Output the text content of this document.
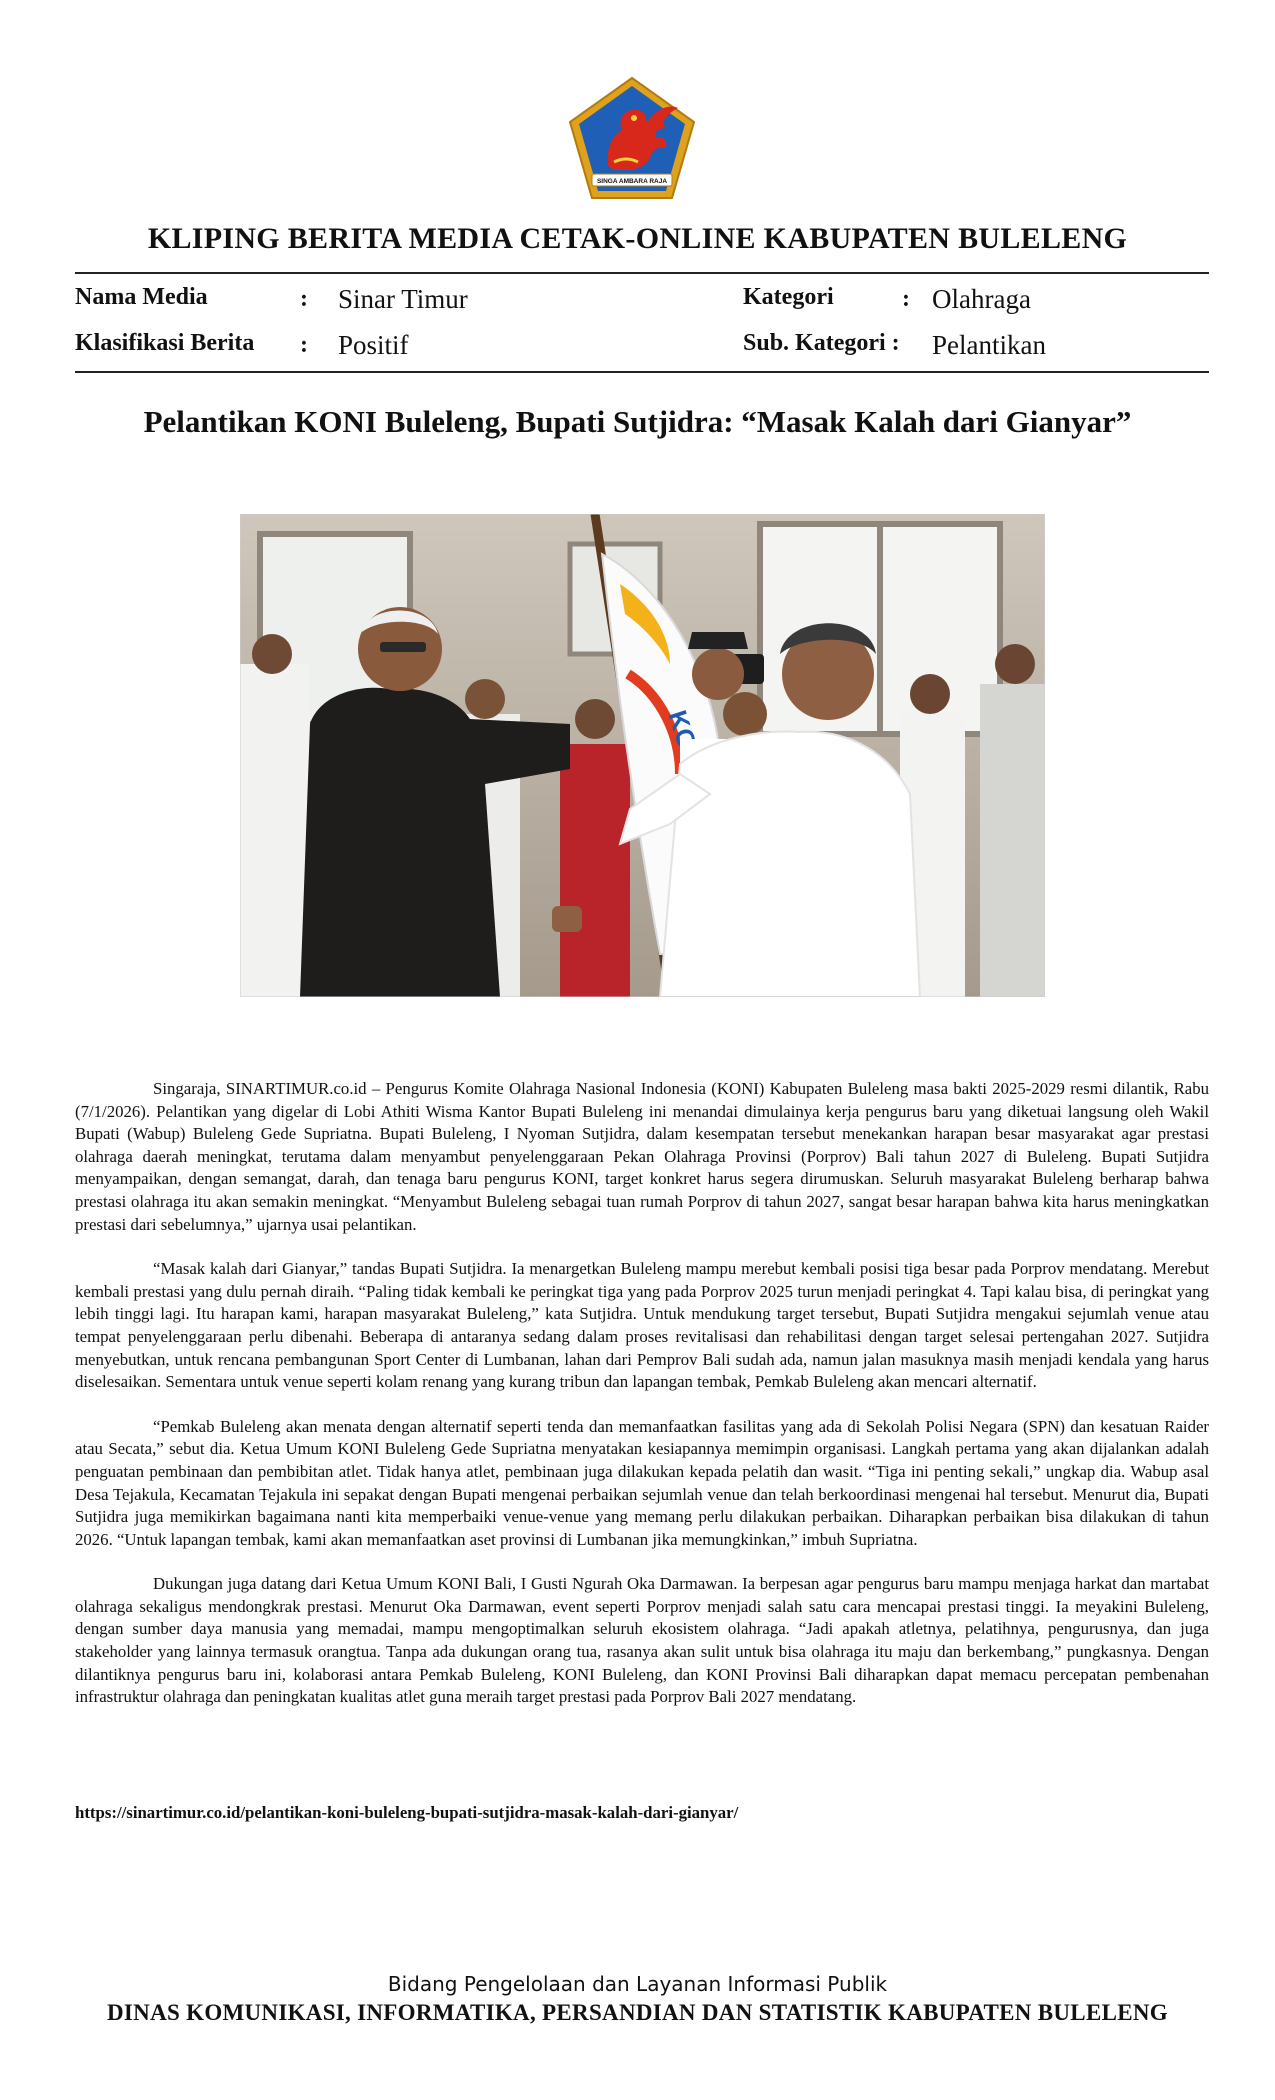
SINGA AMBARA RAJA
KLIPING BERITA MEDIA CETAK-ONLINE KABUPATEN BULELENG
Nama Media	: Sinar Timur	Kategori	: Olahraga
Klasifikasi Berita : Positif	Sub. Kategori : Pelantikan
Pelantikan KONI Buleleng, Bupati Sutjidra: “Masak Kalah dari Gianyar”

Singaraja, SINARTIMUR.co.id – Pengurus Komite Olahraga Nasional Indonesia (KONI) Kabupaten Buleleng masa bakti 2025-2029 resmi dilantik, Rabu (7/1/2026). Pelantikan yang digelar di Lobi Athiti Wisma Kantor Bupati Buleleng ini menandai dimulainya kerja pengurus baru yang diketuai langsung oleh Wakil Bupati (Wabup) Buleleng Gede Supriatna. Bupati Buleleng, I Nyoman Sutjidra, dalam kesempatan tersebut menekankan harapan besar masyarakat agar prestasi olahraga daerah meningkat, terutama dalam menyambut penyelenggaraan Pekan Olahraga Provinsi (Porprov) Bali tahun 2027 di Buleleng. Bupati Sutjidra menyampaikan, dengan semangat, darah, dan tenaga baru pengurus KONI, target konkret harus segera dirumuskan. Seluruh masyarakat Buleleng berharap bahwa prestasi olahraga itu akan semakin meningkat. “Menyambut Buleleng sebagai tuan rumah Porprov di tahun 2027, sangat besar harapan bahwa kita harus meningkatkan prestasi dari sebelumnya,” ujarnya usai pelantikan.

“Masak kalah dari Gianyar,” tandas Bupati Sutjidra. Ia menargetkan Buleleng mampu merebut kembali posisi tiga besar pada Porprov mendatang. Merebut kembali prestasi yang dulu pernah diraih. “Paling tidak kembali ke peringkat tiga yang pada Porprov 2025 turun menjadi peringkat 4. Tapi kalau bisa, di peringkat yang lebih tinggi lagi. Itu harapan kami, harapan masyarakat Buleleng,” kata Sutjidra. Untuk mendukung target tersebut, Bupati Sutjidra mengakui sejumlah venue atau tempat penyelenggaraan perlu dibenahi. Beberapa di antaranya sedang dalam proses revitalisasi dan rehabilitasi dengan target selesai pertengahan 2027. Sutjidra menyebutkan, untuk rencana pembangunan Sport Center di Lumbanan, lahan dari Pemprov Bali sudah ada, namun jalan masuknya masih menjadi kendala yang harus diselesaikan. Sementara untuk venue seperti kolam renang yang kurang tribun dan lapangan tembak, Pemkab Buleleng akan mencari alternatif.

“Pemkab Buleleng akan menata dengan alternatif seperti tenda dan memanfaatkan fasilitas yang ada di Sekolah Polisi Negara (SPN) dan kesatuan Raider atau Secata,” sebut dia. Ketua Umum KONI Buleleng Gede Supriatna menyatakan kesiapannya memimpin organisasi. Langkah pertama yang akan dijalankan adalah penguatan pembinaan dan pembibitan atlet. Tidak hanya atlet, pembinaan juga dilakukan kepada pelatih dan wasit. “Tiga ini penting sekali,” ungkap dia. Wabup asal Desa Tejakula, Kecamatan Tejakula ini sepakat dengan Bupati mengenai perbaikan sejumlah venue dan telah berkoordinasi mengenai hal tersebut. Menurut dia, Bupati Sutjidra juga memikirkan bagaimana nanti kita memperbaiki venue-venue yang memang perlu dilakukan perbaikan. Diharapkan perbaikan bisa dilakukan di tahun 2026. “Untuk lapangan tembak, kami akan memanfaatkan aset provinsi di Lumbanan jika memungkinkan,” imbuh Supriatna.

Dukungan juga datang dari Ketua Umum KONI Bali, I Gusti Ngurah Oka Darmawan. Ia berpesan agar pengurus baru mampu menjaga harkat dan martabat olahraga sekaligus mendongkrak prestasi. Menurut Oka Darmawan, event seperti Porprov menjadi salah satu cara mencapai prestasi tinggi. Ia meyakini Buleleng, dengan sumber daya manusia yang memadai, mampu mengoptimalkan seluruh ekosistem olahraga. “Jadi apakah atletnya, pelatihnya, pengurusnya, dan juga stakeholder yang lainnya termasuk orangtua. Tanpa ada dukungan orang tua, rasanya akan sulit untuk bisa olahraga itu maju dan berkembang,” pungkasnya. Dengan dilantiknya pengurus baru ini, kolaborasi antara Pemkab Buleleng, KONI Buleleng, dan KONI Provinsi Bali diharapkan dapat memacu percepatan pembenahan infrastruktur olahraga dan peningkatan kualitas atlet guna meraih target prestasi pada Porprov Bali 2027 mendatang.

https://sinartimur.co.id/pelantikan-koni-buleleng-bupati-sutjidra-masak-kalah-dari-gianyar/
Bidang Pengelolaan dan Layanan Informasi Publik
DINAS KOMUNIKASI, INFORMATIKA, PERSANDIAN DAN STATISTIK KABUPATEN BULELENG
